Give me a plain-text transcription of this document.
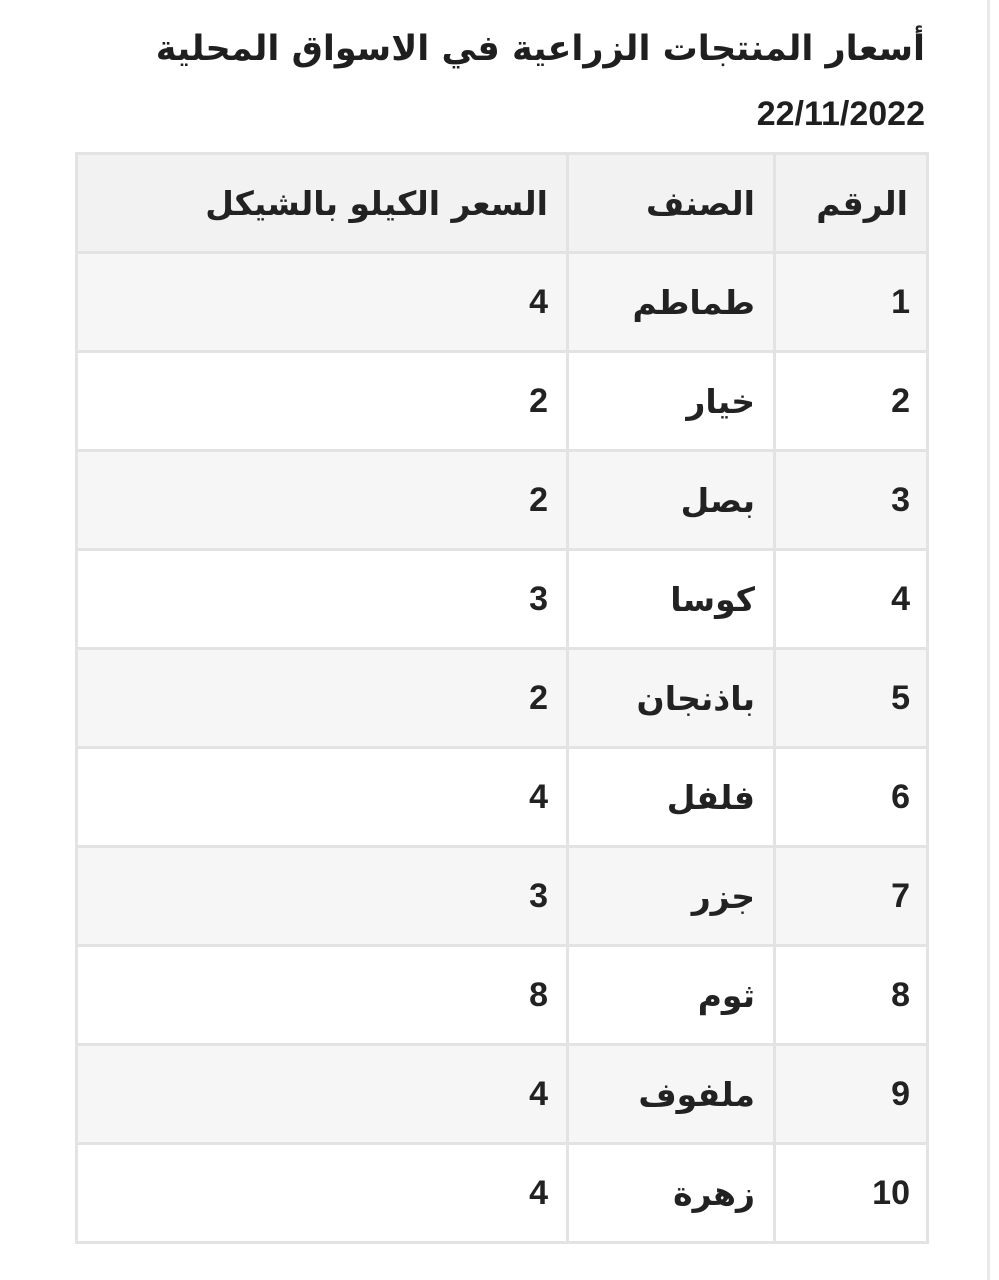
أسعار المنتجات الزراعية في الاسواق المحلية
22/11/2022
الرقم	الصنف	السعر الكيلو بالشيكل
1	طماطم	4
2	خيار	2
3	بصل	2
4	كوسا	3
5	باذنجان	2
6	فلفل	4
7	جزر	3
8	ثوم	8
9	ملفوف	4
10	زهرة	4
